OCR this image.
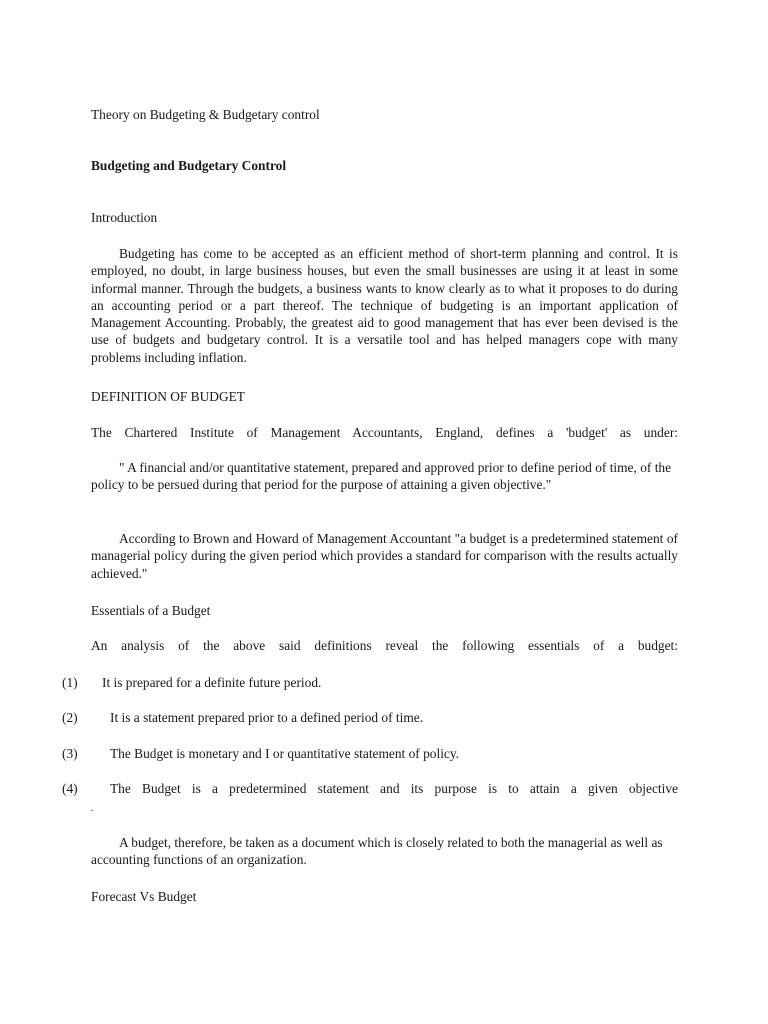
Theory on Budgeting & Budgetary control
Budgeting and Budgetary Control
Introduction
Budgeting has come to be accepted as an efficient method of short-term planning and control. It is employed, no doubt, in large business houses, but even the small businesses are using it at least in some informal manner. Through the budgets, a business wants to know clearly as to what it proposes to do during an accounting period or a part thereof. The technique of budgeting is an important application of Management Accounting. Probably, the greatest aid to good management that has ever been devised is the use of budgets and budgetary control. It is a versatile tool and has helped managers cope with many problems including inflation.
DEFINITION OF BUDGET
The Chartered Institute of Management Accountants, England, defines a 'budget' as under:
" A financial and/or quantitative statement, prepared and approved prior to define period of time, of the policy to be persued during that period for the purpose of attaining a given objective."
According to Brown and Howard of Management Accountant "a budget is a predetermined statement of managerial policy during the given period which provides a standard for comparison with the results actually achieved."
Essentials of a Budget
An analysis of the above said definitions reveal the following essentials of a budget:
(1) It is prepared for a definite future period.
(2) It is a statement prepared prior to a defined period of time.
(3) The Budget is monetary and I or quantitative statement of policy.
(4) The Budget is a predetermined statement and its purpose is to attain a given objective
.
A budget, therefore, be taken as a document which is closely related to both the managerial as well as accounting functions of an organization.
Forecast Vs Budget
